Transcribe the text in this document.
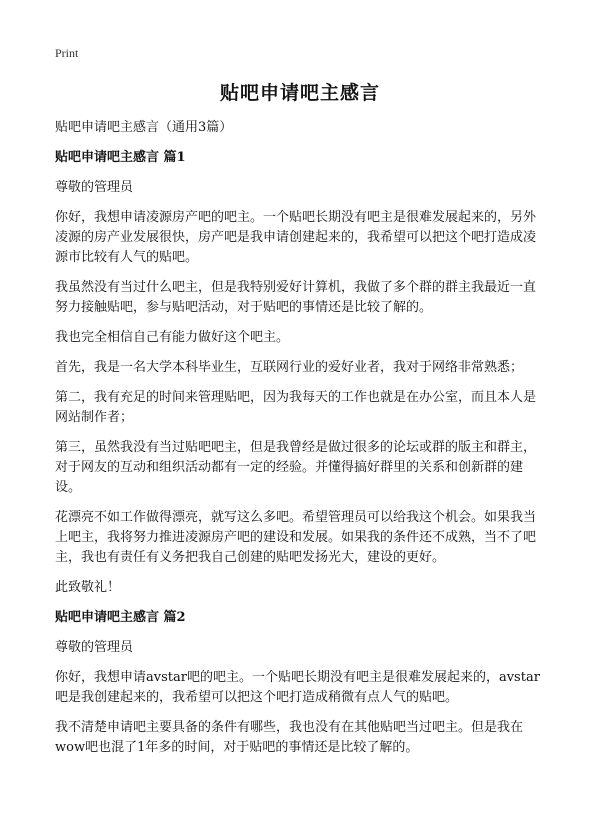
Print
贴吧申请吧主感言

贴吧申请吧主感言（通用3篇）

贴吧申请吧主感言 篇1

尊敬的管理员

你好，我想申请凌源房产吧的吧主。一个贴吧长期没有吧主是很难发展起来的，另外凌源的房产业发展很快，房产吧是我申请创建起来的，我希望可以把这个吧打造成凌源市比较有人气的贴吧。

我虽然没有当过什么吧主，但是我特别爱好计算机，我做了多个群的群主我最近一直努力接触贴吧，参与贴吧活动，对于贴吧的事情还是比较了解的。

我也完全相信自己有能力做好这个吧主。

首先，我是一名大学本科毕业生，互联网行业的爱好业者，我对于网络非常熟悉；

第二，我有充足的时间来管理贴吧，因为我每天的工作也就是在办公室，而且本人是网站制作者；

第三，虽然我没有当过贴吧吧主，但是我曾经是做过很多的论坛或群的版主和群主，对于网友的互动和组织活动都有一定的经验。并懂得搞好群里的关系和创新群的建设。

花漂亮不如工作做得漂亮，就写这么多吧。希望管理员可以给我这个机会。如果我当上吧主，我将努力推进凌源房产吧的建设和发展。如果我的条件还不成熟，当不了吧主，我也有责任有义务把我自己创建的贴吧发扬光大，建设的更好。

此致敬礼！

贴吧申请吧主感言 篇2

尊敬的管理员

你好，我想申请avstar吧的吧主。一个贴吧长期没有吧主是很难发展起来的，avstar吧是我创建起来的，我希望可以把这个吧打造成稍微有点人气的贴吧。

我不清楚申请吧主要具备的条件有哪些，我也没有在其他贴吧当过吧主。但是我在wow吧也混了1年多的时间，对于贴吧的事情还是比较了解的。
